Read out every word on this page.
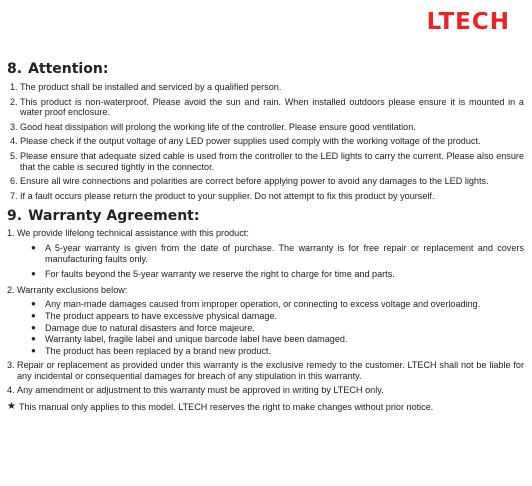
LTECH
8. Attention:
1. The product shall be installed and serviced by a qualified person.
2. This product is non-waterproof. Please avoid the sun and rain. When installed outdoors please ensure it is mounted in a water proof enclosure.
3. Good heat dissipation will prolong the working life of the controller. Please ensure good ventilation.
4. Please check if the output voltage of any LED power supplies used comply with the working voltage of the product.
5. Please ensure that adequate sized cable is used from the controller to the LED lights to carry the current. Please also ensure that the cable is secured tightly in the connector.
6. Ensure all wire connections and polarities are correct before applying power to avoid any damages to the LED lights.
7. If a fault occurs please return the product to your supplier. Do not attempt to fix this product by yourself.
9. Warranty Agreement:
1. We provide lifelong technical assistance with this product:
●	A 5-year warranty is given from the date of purchase. The warranty is for free repair or replacement and covers manufacturing faults only.
●	For faults beyond the 5-year warranty we reserve the right to charge for time and parts.
2. Warranty exclusions below:
●	Any man-made damages caused from improper operation, or connecting to excess voltage and overloading.
●	The product appears to have excessive physical damage.
●	Damage due to natural disasters and force majeure.
●	Warranty label, fragile label and unique barcode label have been damaged.
●	The product has been replaced by a brand new product.
3. Repair or replacement as provided under this warranty is the exclusive remedy to the customer. LTECH shall not be liable for any incidental or consequential damages for breach of any stipulation in this warranty.
4. Any amendment or adjustment to this warranty must be approved in writing by LTECH only.
★ This manual only applies to this model. LTECH reserves the right to make changes without prior notice.
